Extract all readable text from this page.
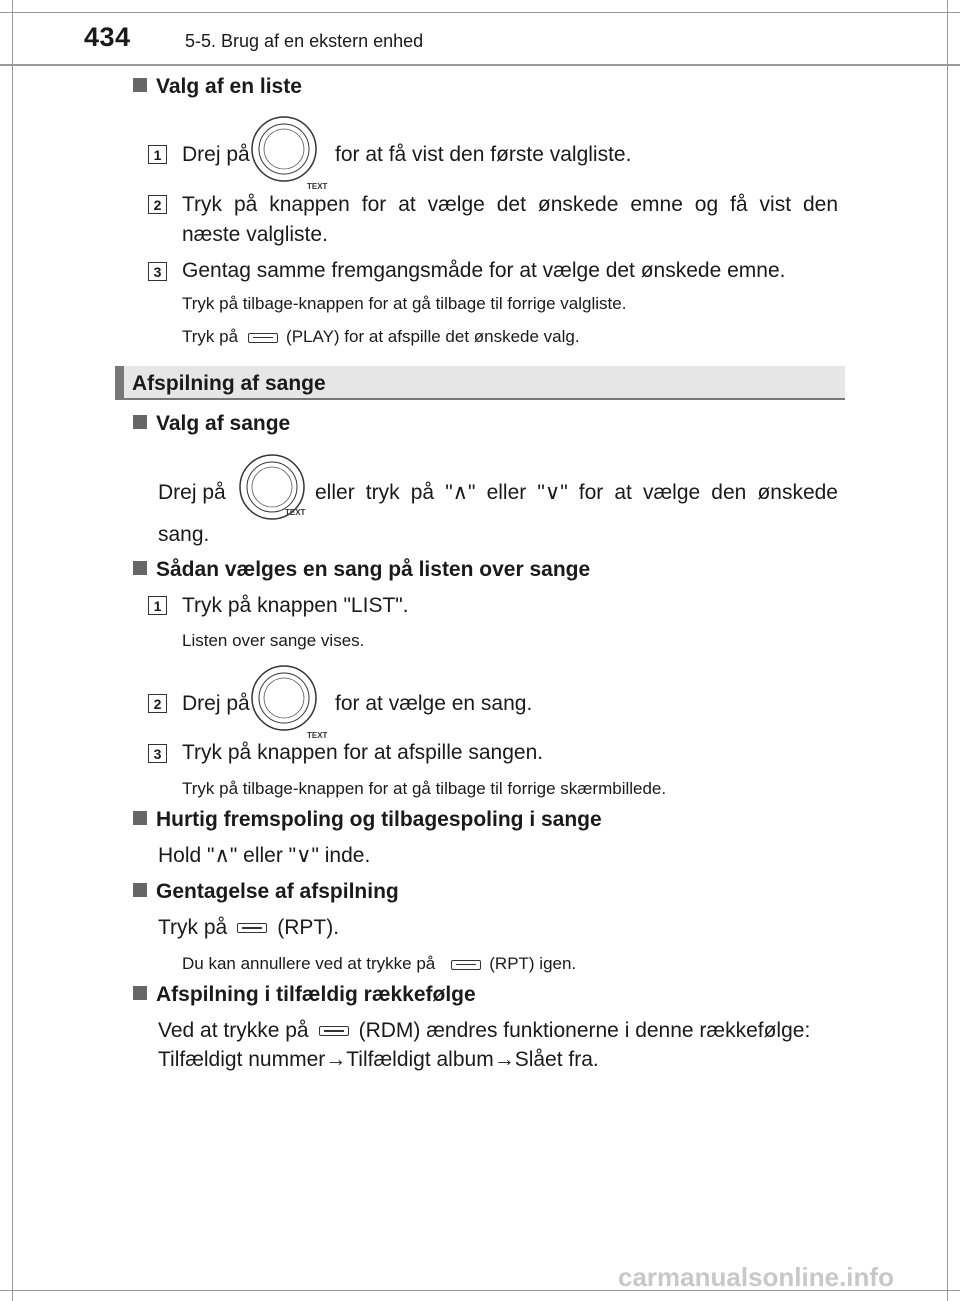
434	5-5. Brug af en ekstern enhed
Valg af en liste
1 Drej på
TEXT
for at få vist den første valgliste.
2 Tryk på knappen for at vælge det ønskede emne og få vist den
næste valgliste.
3 Gentag samme fremgangsmåde for at vælge det ønskede emne.
Tryk på tilbage-knappen for at gå tilbage til forrige valgliste.
Tryk på	(PLAY) for at afspille det ønskede valg.
Afspilning af sange
Valg af sange
Drej på
TEXT
eller tryk på "∧" eller "∨" for at vælge den ønskede
sang.
Sådan vælges en sang på listen over sange
1 Tryk på knappen "LIST".
Listen over sange vises.
2 Drej på
TEXT
for at vælge en sang.
3 Tryk på knappen for at afspille sangen.
Tryk på tilbage-knappen for at gå tilbage til forrige skærmbillede.
Hurtig fremspoling og tilbagespoling i sange
Hold "∧" eller "∨" inde.
Gentagelse af afspilning
Tryk på (RPT).
Du kan annullere ved at trykke på	(RPT) igen.
Afspilning i tilfældig rækkefølge
Ved at trykke på (RDM) ændres funktionerne i denne rækkefølge:
Tilfældigt nummer→Tilfældigt album→Slået fra.
carmanualsonline.info
